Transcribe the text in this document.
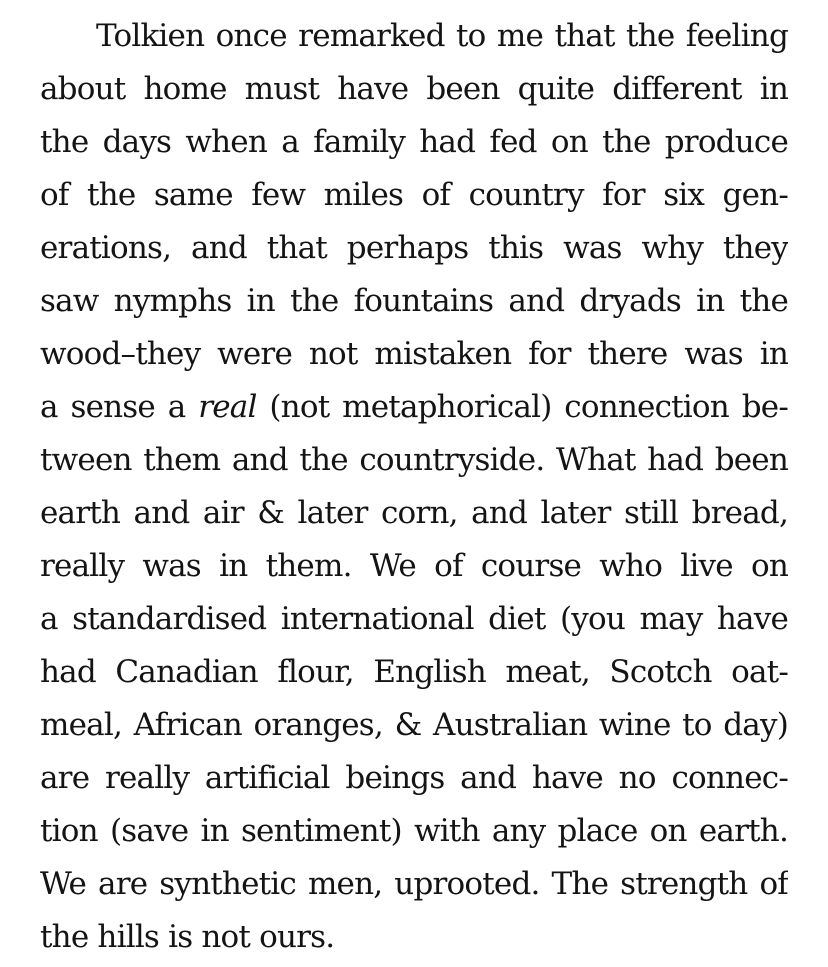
Tolkien once remarked to me that the feeling
about home must have been quite different in
the days when a family had fed on the produce
of the same few miles of country for six gen-
erations, and that perhaps this was why they
saw nymphs in the fountains and dryads in the
wood–they were not mistaken for there was in
a sense a real (not metaphorical) connection be-
tween them and the countryside. What had been
earth and air & later corn, and later still bread,
really was in them. We of course who live on
a standardised international diet (you may have
had Canadian flour, English meat, Scotch oat-
meal, African oranges, & Australian wine to day)
are really artificial beings and have no connec-
tion (save in sentiment) with any place on earth.
We are synthetic men, uprooted. The strength of
the hills is not ours.
